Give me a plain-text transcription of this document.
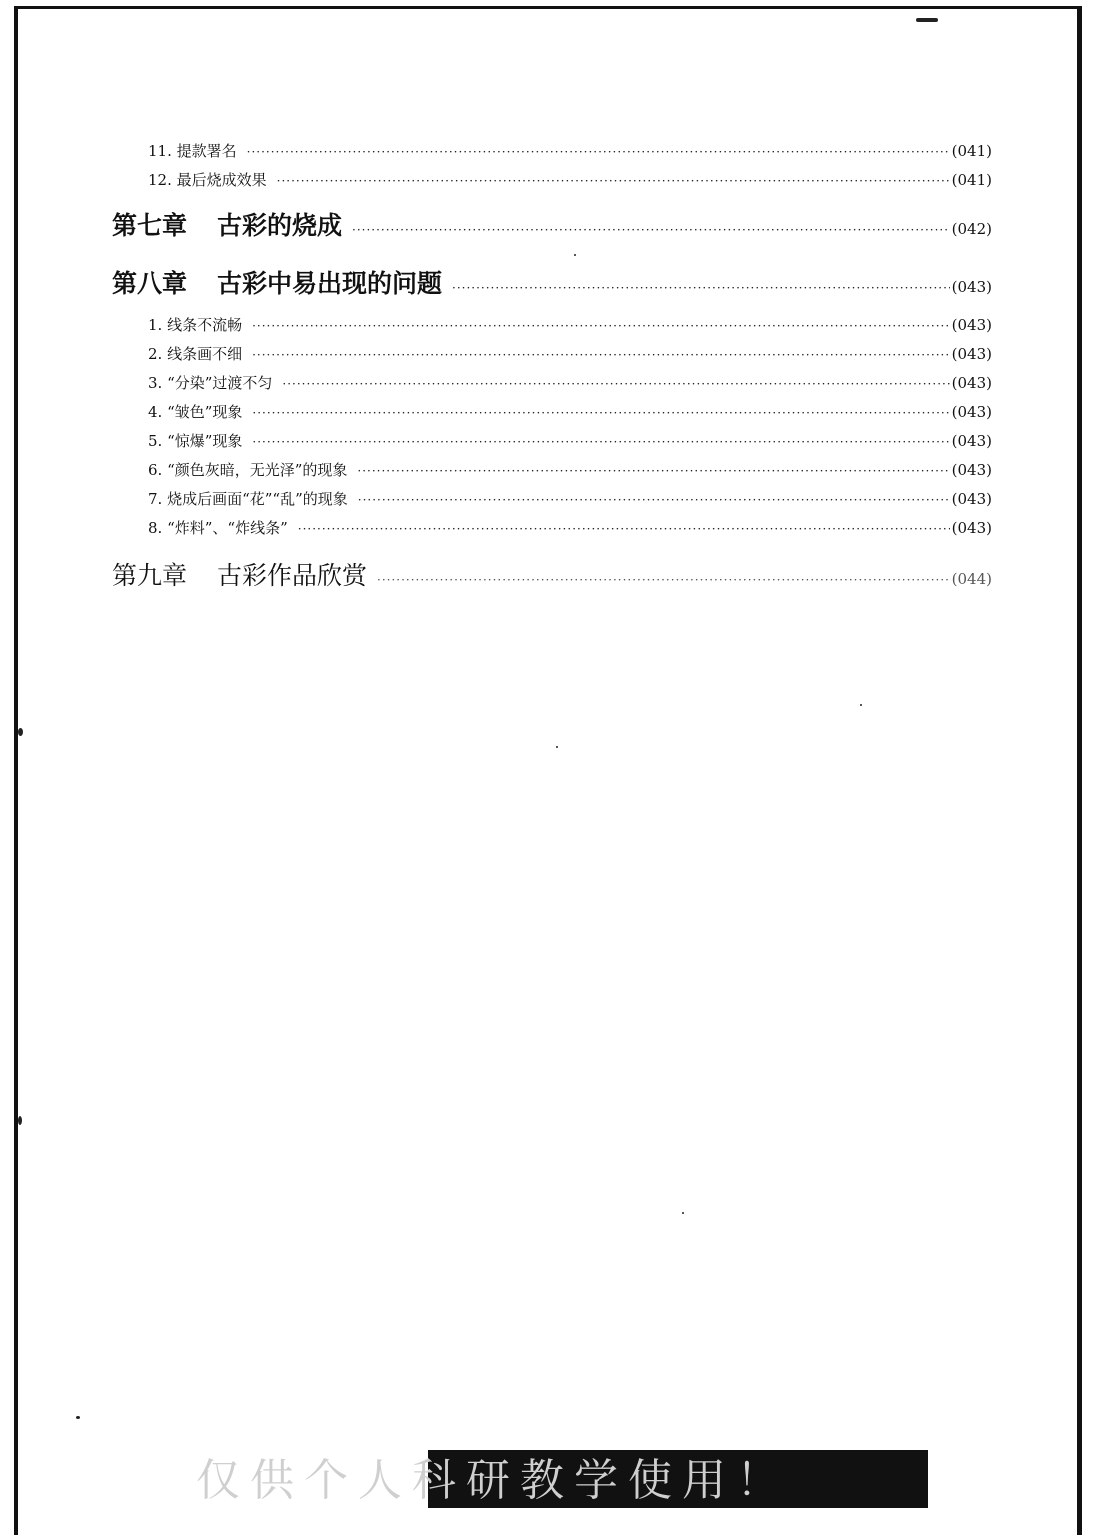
11. 提款署名 ·····	(041)
12. 最后烧成效果 ·····	(041)
第七章 古彩的烧成 ·····	(042)
第八章 古彩中易出现的问题 ·····	(043)
1. 线条不流畅 ·····	(043)
2. 线条画不细 ·····	(043)
3. “分染”过渡不匀 ·····	(043)
4. “皱色”现象 ·····	(043)
5. “惊爆”现象 ·····	(043)
6. “颜色灰暗，无光泽”的现象 ·····	(043)
7. 烧成后画面“花”“乱”的现象 ·····	(043)
8. “炸料”、“炸线条” ·····	(043)
第九章 古彩作品欣赏 ·····	(044)
仅供个人科研教学使用！
